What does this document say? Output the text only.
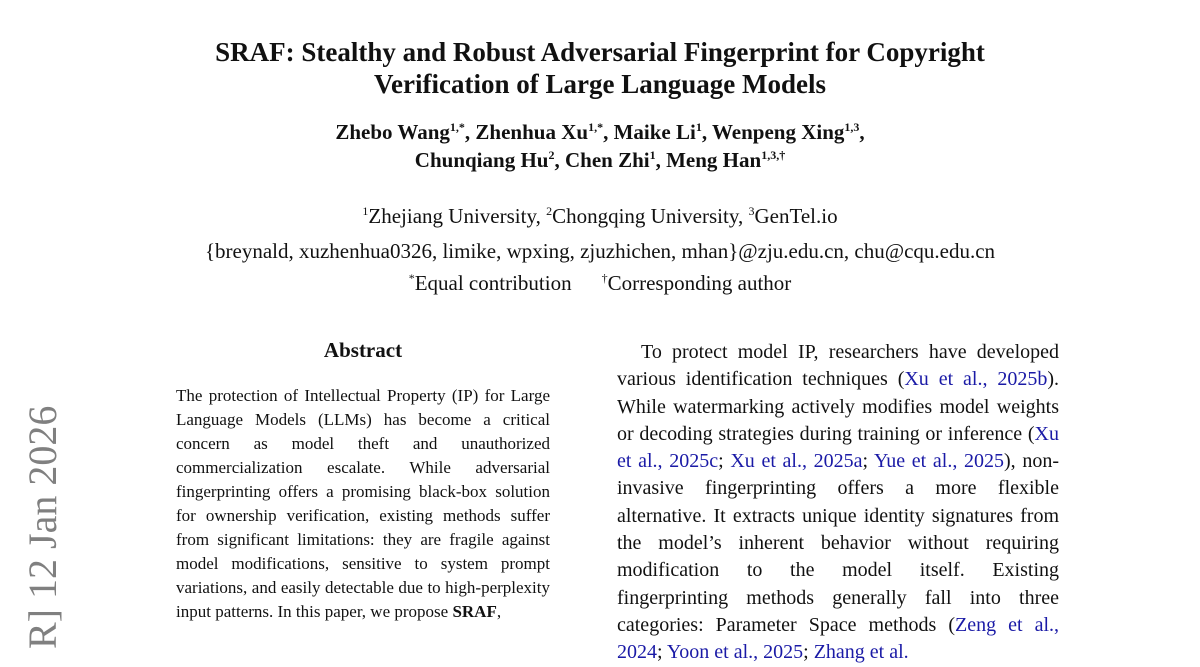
SRAF: Stealthy and Robust Adversarial Fingerprint for Copyright
Verification of Large Language Models
Zhebo Wang$^{1,*}$, Zhenhua $Xu^{1,*}$, Maike Li$^1$, Wenpeng Xing$^{1,3}$,
Chunqiang Hu$^2$, Chen Zhi$^1$, Meng Han$^{1,3,\dagger}$
$^1$Zhejiang University, $^2$Chongqing University, $^3$GenTel.io
{breynald, xuzhenhua0326, limike, wpxing, zjuzhichen, mhan}@zju.edu.cn, chu@cqu.edu.cn
*Equal contribution	†Corresponding author
Abstract
The protection of Intellectual Property (IP) for Large Language Models (LLMs) has become a critical concern as model theft and unauthorized commercialization escalate. While adversarial fingerprinting offers a promising black-box solution for ownership verification, existing methods suffer from significant limitations: they are fragile against model modifications, sensitive to system prompt variations, and easily detectable due to high-perplexity input patterns. In this paper, we propose SRAF,
To protect model IP, researchers have developed various identification techniques (Xu et al., 2025b). While watermarking actively modifies model weights or decoding strategies during training or inference (Xu et al., 2025c; Xu et al., 2025a; Yue et al., 2025), non-invasive fingerprinting offers a more flexible alternative. It extracts unique identity signatures from the model’s inherent behavior without requiring modification to the model itself. Existing fingerprinting methods generally fall into three categories: Parameter Space methods (Zeng et al., 2024; Yoon et al., 2025; Zhang et al.
R] 12 Jan 2026
